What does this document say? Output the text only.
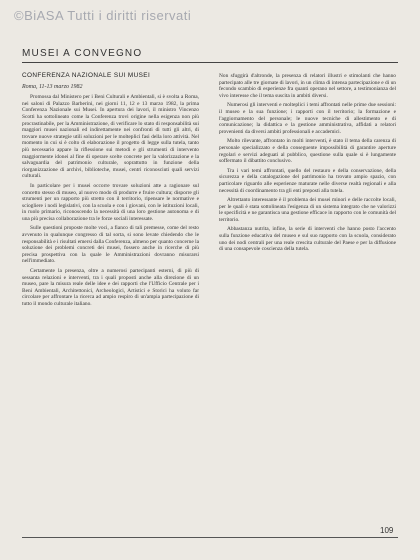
©BiASA Tutti i diritti riservati
MUSEI A CONVEGNO
CONFERENZA NAZIONALE SUI MUSEI
Roma, 11-13 marzo 1982

Promossa dal Ministero per i Beni Culturali e Ambientali, si è svolta a Roma, nei saloni di Palazzo Barberini, nei giorni 11, 12 e 13 marzo 1982, la prima Conferenza Nazionale sui Musei. In apertura dei lavori, il ministro Vincenzo Scotti ha sottolineato come la Conferenza trovi origine nella esigenza non più procrastinabile, per la Amministrazione, di verificare lo stato di responsabilità sui maggiori musei nazionali ed indirettamente nei confronti di tutti gli altri, di trovare nuove strategie utili soluzioni per le molteplici fasi della loro attività. Nel momento in cui si è colto di elaborazione il progetto di legge sulla tutela, tanto più necessario appare la riflessione sui metodi e gli strumenti di intervento maggiormente idonei al fine di operare scelte concrete per la valorizzazione e la salvaguardia del patrimonio culturale, soprattutto in funzione della riorganizzazione di archivi, biblioteche, musei, centri riconosciuti quali servizi culturali.

In particolare per i musei occorre trovare soluzioni atte a ragionare sul concetto stesso di museo, al nuovo modo di produrre e fruire cultura; disporre gli strumenti per un rapporto più stretto con il territorio, ripensare le normative e sciogliere i nodi legislativi, con la scuola e con i giovani, con le istituzioni locali, in ruolo primario, riconoscendo la necessità di una loro gestione autonoma e di una più precisa collaborazione tra le forze sociali interessate.

Sulle questioni proposte molte voci, a fianco di tali premesse, come del resto avvenuto in qualunque congresso di tal sorta, si sono levate chiedendo che le responsabilità e i risultati emersi dalla Conferenza, almeno per quanto concerne la soluzione dei problemi concreti dei musei, fossero anche in ricerche di più precisa prospettiva con la quale le Amministrazioni dovranno misurarsi nell'immediato.

Certamente la presenza, oltre a numerosi partecipanti esterni, di più di sessanta relazioni e interventi, tra i quali proposti anche alla direzione di un museo, pare la misura reale delle idee e dei rapporti che l'Ufficio Centrale per i Beni Ambientali, Architettonici, Archeologici, Artistici e Storici ha voluto far circolare per affrontare la ricerca ad ampio respiro di un'ampia partecipazione di tutto il mondo culturale italiano.

Non sfuggirà d'altronde, la presenza di relatori illustri e stimolanti che hanno partecipato alle tre giornate di lavori, in un clima di intensa partecipazione e di un fecondo scambio di esperienze fra quanti operano nel settore, a testimonianza del vivo interesse che il tema suscita in ambiti diversi.

Numerosi gli interventi e molteplici i temi affrontati nelle prime due sessioni: il museo e la sua funzione; i rapporti con il territorio; la formazione e l'aggiornamento del personale; le nuove tecniche di allestimento e di comunicazione; la didattica e la gestione amministrativa, affidati a relatori provenienti da diversi ambiti professionali e accademici.

Molto rilevante, affrontato in molti interventi, è stato il tema della carenza di personale specializzato e della conseguente impossibilità di garantire aperture regolari e servizi adeguati al pubblico, questione sulla quale si è lungamente soffermato il dibattito conclusivo.

Tra i vari temi affrontati, quello del restauro e della conservazione, della sicurezza e della catalogazione del patrimonio ha trovato ampio spazio, con particolare riguardo alle esperienze maturate nelle diverse realtà regionali e alla necessità di coordinamento tra gli enti preposti alla tutela.

Altrettanto interessante è il problema dei musei minori e delle raccolte locali, per le quali è stata sottolineata l'esigenza di un sistema integrato che ne valorizzi le specificità e ne garantisca una gestione efficace in rapporto con le comunità del territorio.

Abbastanza nutrita, infine, la serie di interventi che hanno posto l'accento sulla funzione educativa del museo e sul suo rapporto con la scuola, considerato uno dei nodi centrali per una reale crescita culturale del Paese e per la diffusione di una consapevole coscienza della tutela.

109
